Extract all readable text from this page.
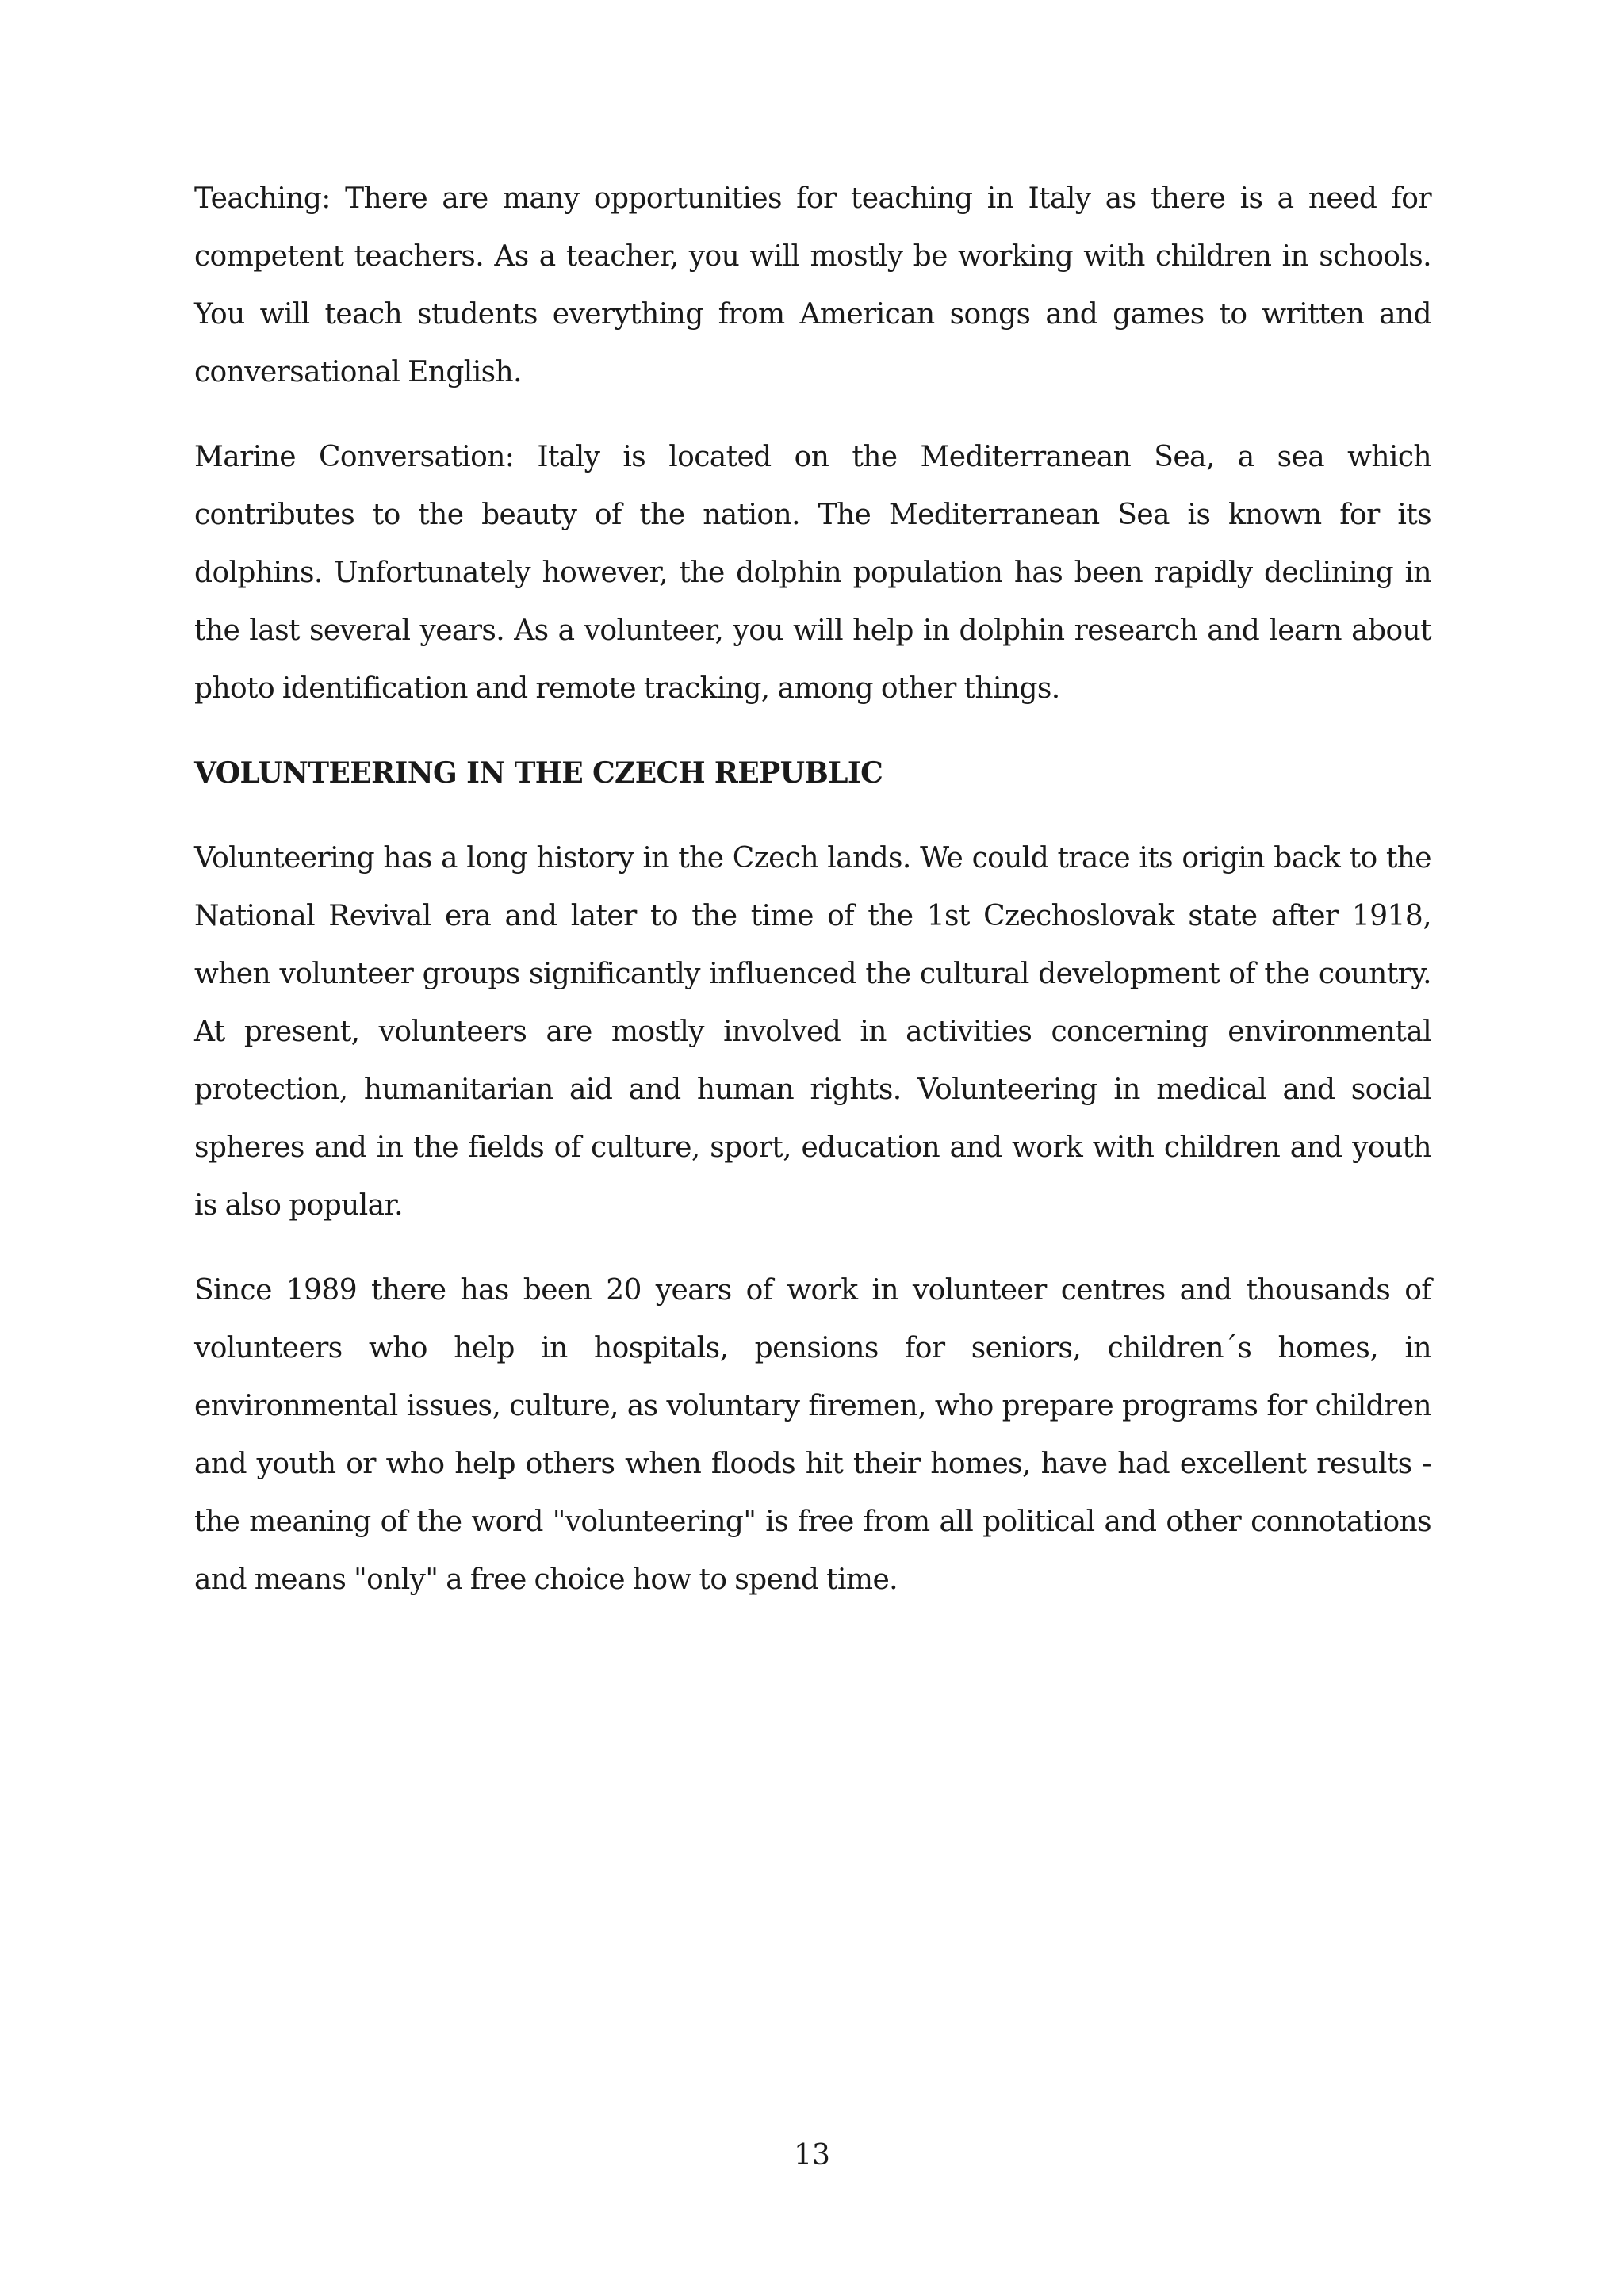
Teaching: There are many opportunities for teaching in Italy as there is a need for competent teachers. As a teacher, you will mostly be working with children in schools. You will teach students everything from American songs and games to written and conversational English.

Marine Conversation: Italy is located on the Mediterranean Sea, a sea which contributes to the beauty of the nation. The Mediterranean Sea is known for its dolphins. Unfortunately however, the dolphin population has been rapidly declining in the last several years. As a volunteer, you will help in dolphin research and learn about photo identification and remote tracking, among other things.

VOLUNTEERING IN THE CZECH REPUBLIC

Volunteering has a long history in the Czech lands. We could trace its origin back to the National Revival era and later to the time of the 1st Czechoslovak state after 1918, when volunteer groups significantly influenced the cultural development of the country. At present, volunteers are mostly involved in activities concerning environmental protection, humanitarian aid and human rights. Volunteering in medical and social spheres and in the fields of culture, sport, education and work with children and youth is also popular.

Since 1989 there has been 20 years of work in volunteer centres and thousands of volunteers who help in hospitals, pensions for seniors, children´s homes, in environmental issues, culture, as voluntary firemen, who prepare programs for children and youth or who help others when floods hit their homes, have had excellent results - the meaning of the word "volunteering" is free from all political and other connotations and means "only" a free choice how to spend time.

13
